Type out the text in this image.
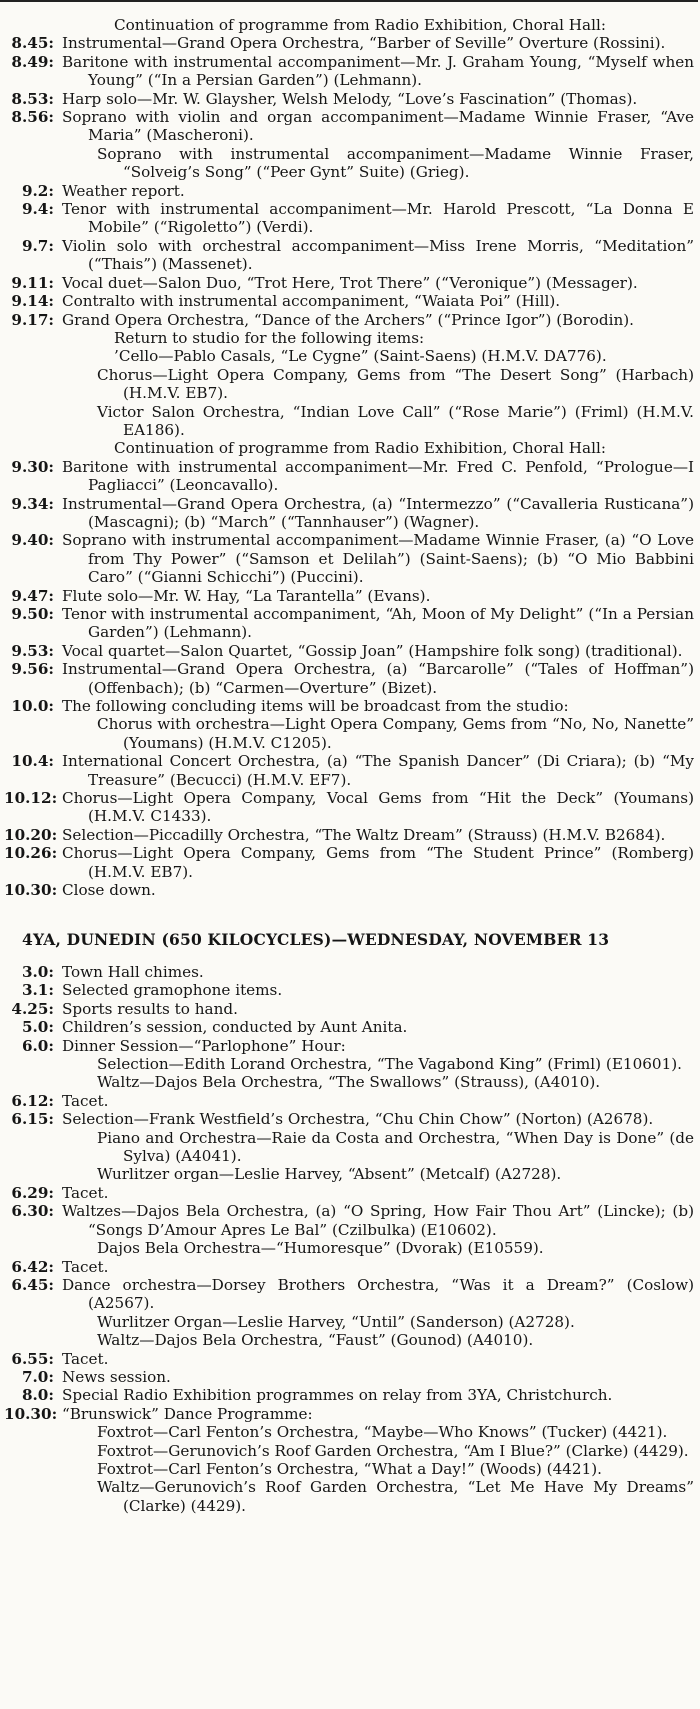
Continuation of programme from Radio Exhibition, Choral Hall:
8.45 : Instrumental—Grand Opera Orchestra, “Barber of Seville” Overture (Rossini).
8.49 : Baritone with instrumental accompaniment—Mr. J. Graham Young, “Myself when Young” (“In a Persian Garden”) (Lehmann).
8.53 : Harp solo—Mr. W. Glaysher, Welsh Melody, “Love’s Fascination” (Thomas).
8.56 : Soprano with violin and organ accompaniment—Madame Winnie Fraser, “Ave Maria” (Mascheroni).
Soprano with instrumental accompaniment—Madame Winnie Fraser, “Solveig’s Song” (“Peer Gynt” Suite) (Grieg).
9.2 : Weather report.
9.4 : Tenor with instrumental accompaniment—Mr. Harold Prescott, “La Donna E Mobile” (“Rigoletto”) (Verdi).
9.7 : Violin solo with orchestral accompaniment—Miss Irene Morris, “Meditation” (“Thais”) (Massenet).
9.11 : Vocal duet—Salon Duo, “Trot Here, Trot There” (“Veronique”) (Messager).
9.14 : Contralto with instrumental accompaniment, “Waiata Poi” (Hill).
9.17 : Grand Opera Orchestra, “Dance of the Archers” (“Prince Igor”) (Borodin).
Return to studio for the following items:
’Cello—Pablo Casals, “Le Cygne” (Saint-Saens) (H.M.V. DA776).
Chorus—Light Opera Company, Gems from “The Desert Song” (Harbach) (H.M.V. EB7).
Victor Salon Orchestra, “Indian Love Call” (“Rose Marie”) (Friml) (H.M.V. EA186).
Continuation of programme from Radio Exhibition, Choral Hall:
9.30 : Baritone with instrumental accompaniment—Mr. Fred C. Penfold, “Prologue—I Pagliacci” (Leoncavallo).
9.34 : Instrumental—Grand Opera Orchestra, (a) “Intermezzo” (“Cavalleria Rusticana”) (Mascagni); (b) “March” (“Tannhauser”) (Wagner).
9.40 : Soprano with instrumental accompaniment—Madame Winnie Fraser, (a) “O Love from Thy Power” (“Samson et Delilah”) (Saint-Saens); (b) “O Mio Babbini Caro” (“Gianni Schicchi”) (Puccini).
9.47 : Flute solo—Mr. W. Hay, “La Tarantella” (Evans).
9.50 : Tenor with instrumental accompaniment, “Ah, Moon of My Delight” (“In a Persian Garden”) (Lehmann).
9.53 : Vocal quartet—Salon Quartet, “Gossip Joan” (Hampshire folk song) (traditional).
9.56 : Instrumental—Grand Opera Orchestra, (a) “Barcarolle” (“Tales of Hoffman”) (Offenbach); (b) “Carmen—Overture” (Bizet).
10.0 : The following concluding items will be broadcast from the studio:
Chorus with orchestra—Light Opera Company, Gems from “No, No, Nanette” (Youmans) (H.M.V. C1205).
10.4 : International Concert Orchestra, (a) “The Spanish Dancer” (Di Criara); (b) “My Treasure” (Becucci) (H.M.V. EF7).
10.12 : Chorus—Light Opera Company, Vocal Gems from “Hit the Deck” (Youmans) (H.M.V. C1433).
10.20 : Selection—Piccadilly Orchestra, “The Waltz Dream” (Strauss) (H.M.V. B2684).
10.26 : Chorus—Light Opera Company, Gems from “The Student Prince” (Romberg) (H.M.V. EB7).
10.30 : Close down.
4YA, DUNEDIN (650 KILOCYCLES)—WEDNESDAY, NOVEMBER 13
3.0 : Town Hall chimes.
3.1 : Selected gramophone items.
4.25 : Sports results to hand.
5.0 : Children’s session, conducted by Aunt Anita.
6.0 : Dinner Session—“Parlophone” Hour:
Selection—Edith Lorand Orchestra, “The Vagabond King” (Friml) (E10601).
Waltz—Dajos Bela Orchestra, “The Swallows” (Strauss), (A4010).
6.12 : Tacet.
6.15 : Selection—Frank Westfield’s Orchestra, “Chu Chin Chow” (Norton) (A2678).
Piano and Orchestra—Raie da Costa and Orchestra, “When Day is Done” (de Sylva) (A4041).
Wurlitzer organ—Leslie Harvey, “Absent” (Metcalf) (A2728).
6.29 : Tacet.
6.30 : Waltzes—Dajos Bela Orchestra, (a) “O Spring, How Fair Thou Art” (Lincke); (b) “Songs D’Amour Apres Le Bal” (Czilbulka) (E10602).
Dajos Bela Orchestra—“Humoresque” (Dvorak) (E10559).
6.42 : Tacet.
6.45 : Dance orchestra—Dorsey Brothers Orchestra, “Was it a Dream?” (Coslow) (A2567).
Wurlitzer Organ—Leslie Harvey, “Until” (Sanderson) (A2728).
Waltz—Dajos Bela Orchestra, “Faust” (Gounod) (A4010).
6.55 : Tacet.
7.0 : News session.
8.0 : Special Radio Exhibition programmes on relay from 3YA, Christchurch.
10.30 : “Brunswick” Dance Programme:
Foxtrot—Carl Fenton’s Orchestra, “Maybe—Who Knows” (Tucker) (4421).
Foxtrot—Gerunovich’s Roof Garden Orchestra, “Am I Blue?” (Clarke) (4429).
Foxtrot—Carl Fenton’s Orchestra, “What a Day!” (Woods) (4421).
Waltz—Gerunovich’s Roof Garden Orchestra, “Let Me Have My Dreams” (Clarke) (4429).
